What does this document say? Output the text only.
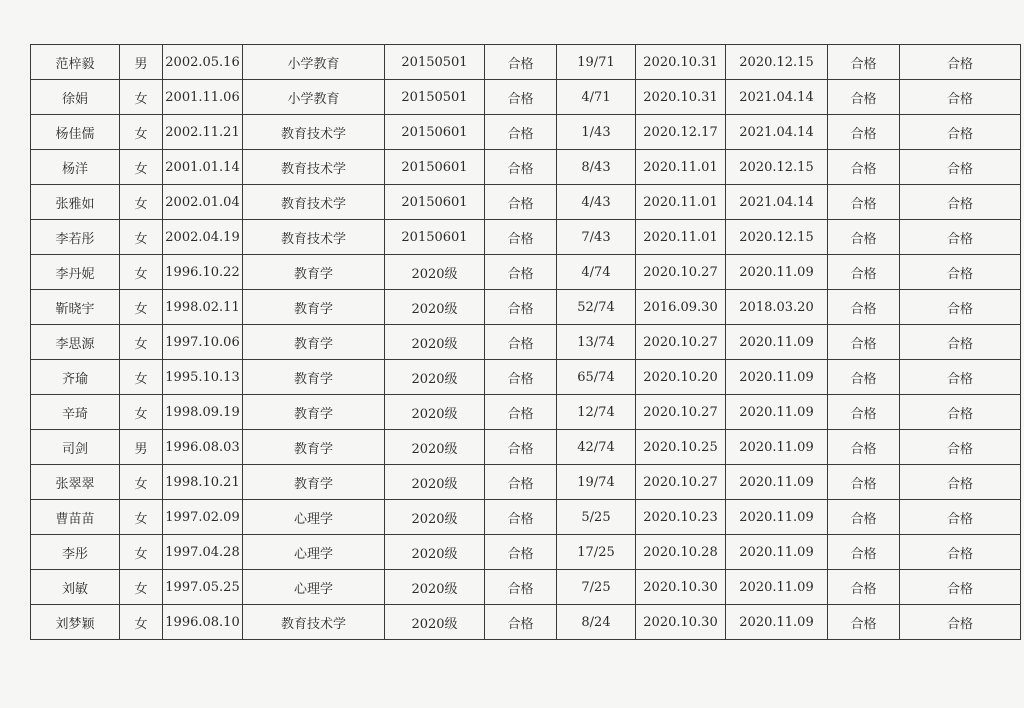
范梓毅	男	2002.05.16	小学教育	20150501	合格	19/71	2020.10.31	2020.12.15	合格	合格
徐娟	女	2001.11.06	小学教育	20150501	合格	4/71	2020.10.31	2021.04.14	合格	合格
杨佳儒	女	2002.11.21	教育技术学	20150601	合格	1/43	2020.12.17	2021.04.14	合格	合格
杨洋	女	2001.01.14	教育技术学	20150601	合格	8/43	2020.11.01	2020.12.15	合格	合格
张雅如	女	2002.01.04	教育技术学	20150601	合格	4/43	2020.11.01	2021.04.14	合格	合格
李若彤	女	2002.04.19	教育技术学	20150601	合格	7/43	2020.11.01	2020.12.15	合格	合格
李丹妮	女	1996.10.22	教育学	2020级	合格	4/74	2020.10.27	2020.11.09	合格	合格
靳晓宇	女	1998.02.11	教育学	2020级	合格	52/74	2016.09.30	2018.03.20	合格	合格
李思源	女	1997.10.06	教育学	2020级	合格	13/74	2020.10.27	2020.11.09	合格	合格
齐瑜	女	1995.10.13	教育学	2020级	合格	65/74	2020.10.20	2020.11.09	合格	合格
辛琦	女	1998.09.19	教育学	2020级	合格	12/74	2020.10.27	2020.11.09	合格	合格
司剑	男	1996.08.03	教育学	2020级	合格	42/74	2020.10.25	2020.11.09	合格	合格
张翠翠	女	1998.10.21	教育学	2020级	合格	19/74	2020.10.27	2020.11.09	合格	合格
曹苗苗	女	1997.02.09	心理学	2020级	合格	5/25	2020.10.23	2020.11.09	合格	合格
李彤	女	1997.04.28	心理学	2020级	合格	17/25	2020.10.28	2020.11.09	合格	合格
刘敏	女	1997.05.25	心理学	2020级	合格	7/25	2020.10.30	2020.11.09	合格	合格
刘梦颖	女	1996.08.10	教育技术学	2020级	合格	8/24	2020.10.30	2020.11.09	合格	合格
